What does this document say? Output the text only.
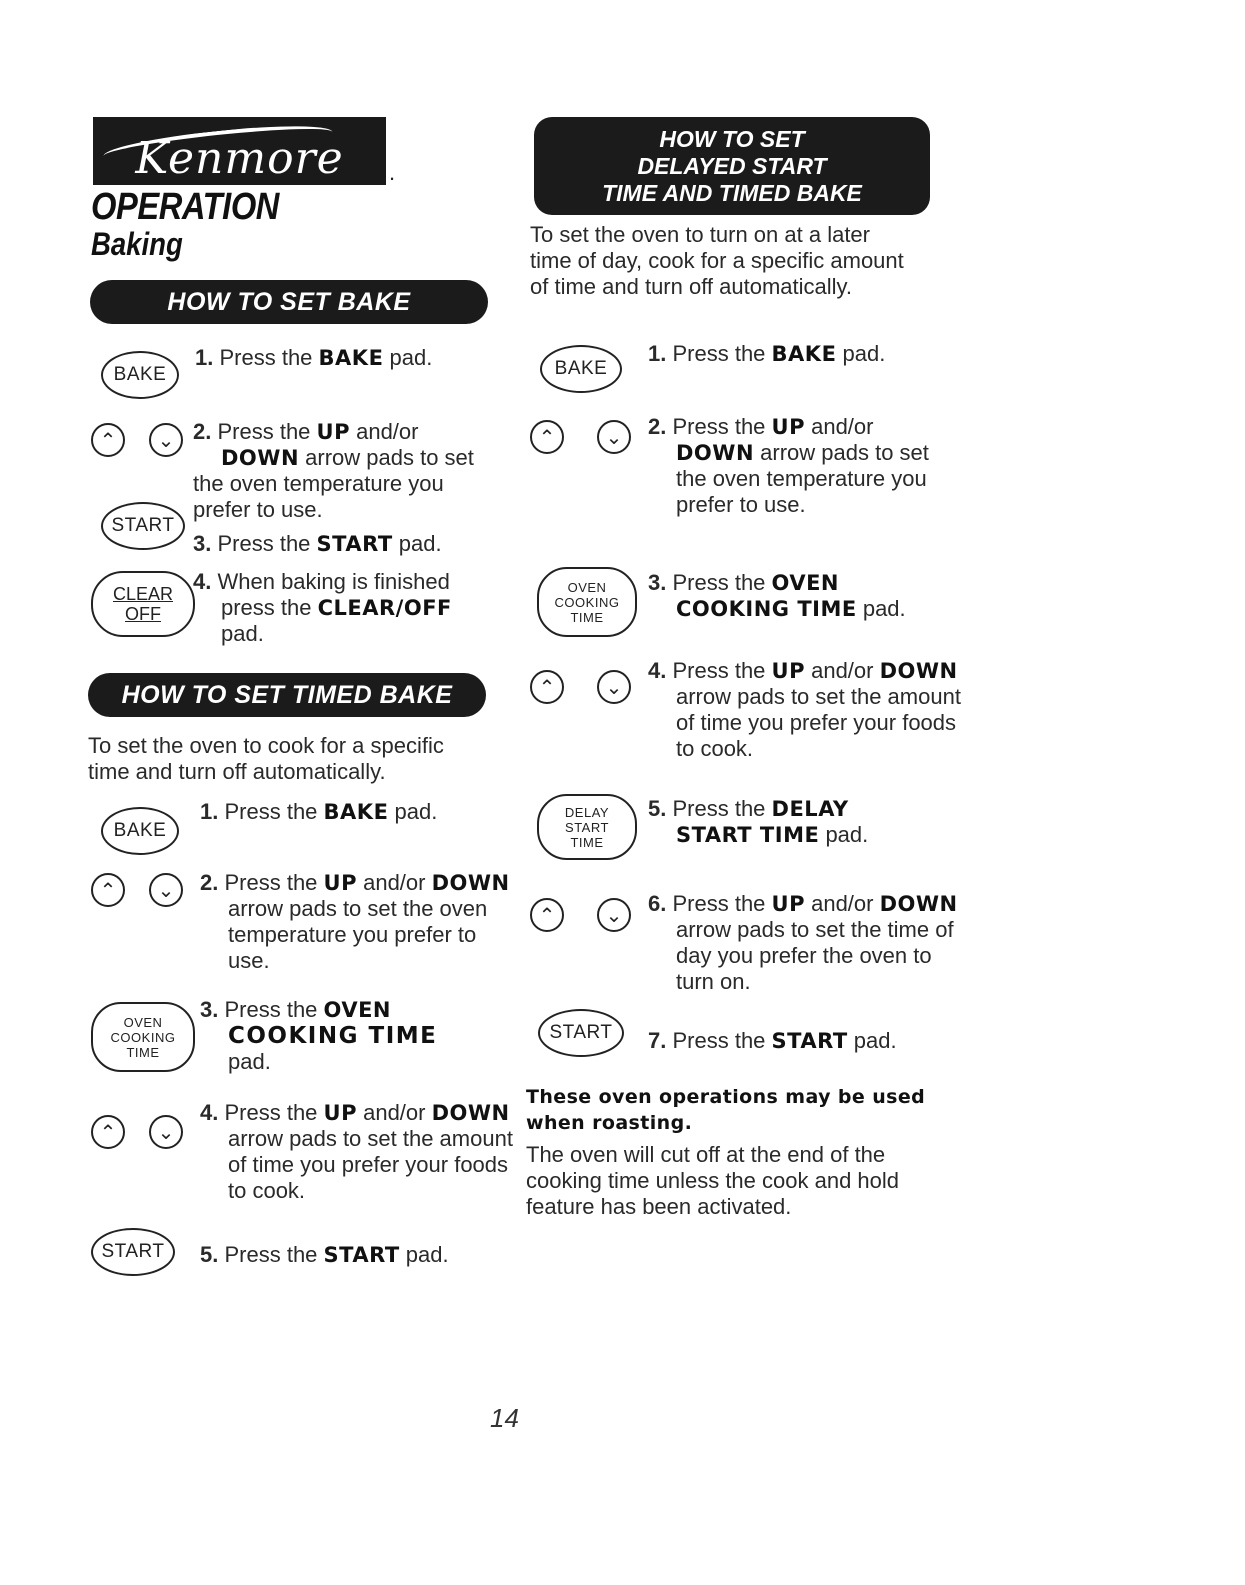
Kenmore	.
OPERATION
Baking
HOW TO SET BAKE
BAKE
1. Press the BAKE pad.
⌃	⌄ 2. Press the UP and/or
DOWN arrow pads to set the oven temperature you prefer to use.
START
3. Press the START pad.
CLEAR
OFF
4. When baking is finished press the CLEAR/OFF pad.
HOW TO SET TIMED BAKE
To set the oven to cook for a specific time and turn off automatically.
BAKE
1. Press the BAKE pad.
⌃	⌄	2. Press the UP and/or DOWN arrow pads to set the oven temperature you prefer to use.
OVEN
COOKING
TIME
3. Press the OVEN
COOKING TIME
pad.
⌃	⌄
4. Press the UP and/or DOWN arrow pads to set the amount of time you prefer your foods to cook.
START	5. Press the START pad.
HOW TO SET
DELAYED START
TIME AND TIMED BAKE
To set the oven to turn on at a later time of day, cook for a specific amount of time and turn off automatically.
BAKE
1. Press the BAKE pad.
⌃	⌄	2. Press the UP and/or DOWN arrow pads to set the oven temperature you prefer to use.
OVEN
COOKING
TIME
3. Press the OVEN
COOKING TIME pad.
⌃	⌄
4. Press the UP and/or DOWN arrow pads to set the amount of time you prefer your foods to cook.
DELAY
START
TIME
5. Press the DELAY
START TIME pad.
⌃	⌄	6. Press the UP and/or DOWN arrow pads to set the time of day you prefer the oven to turn on.
START	7. Press the START pad.
These oven operations may be used when roasting.
The oven will cut off at the end of the cooking time unless the cook and hold feature has been activated.
14
